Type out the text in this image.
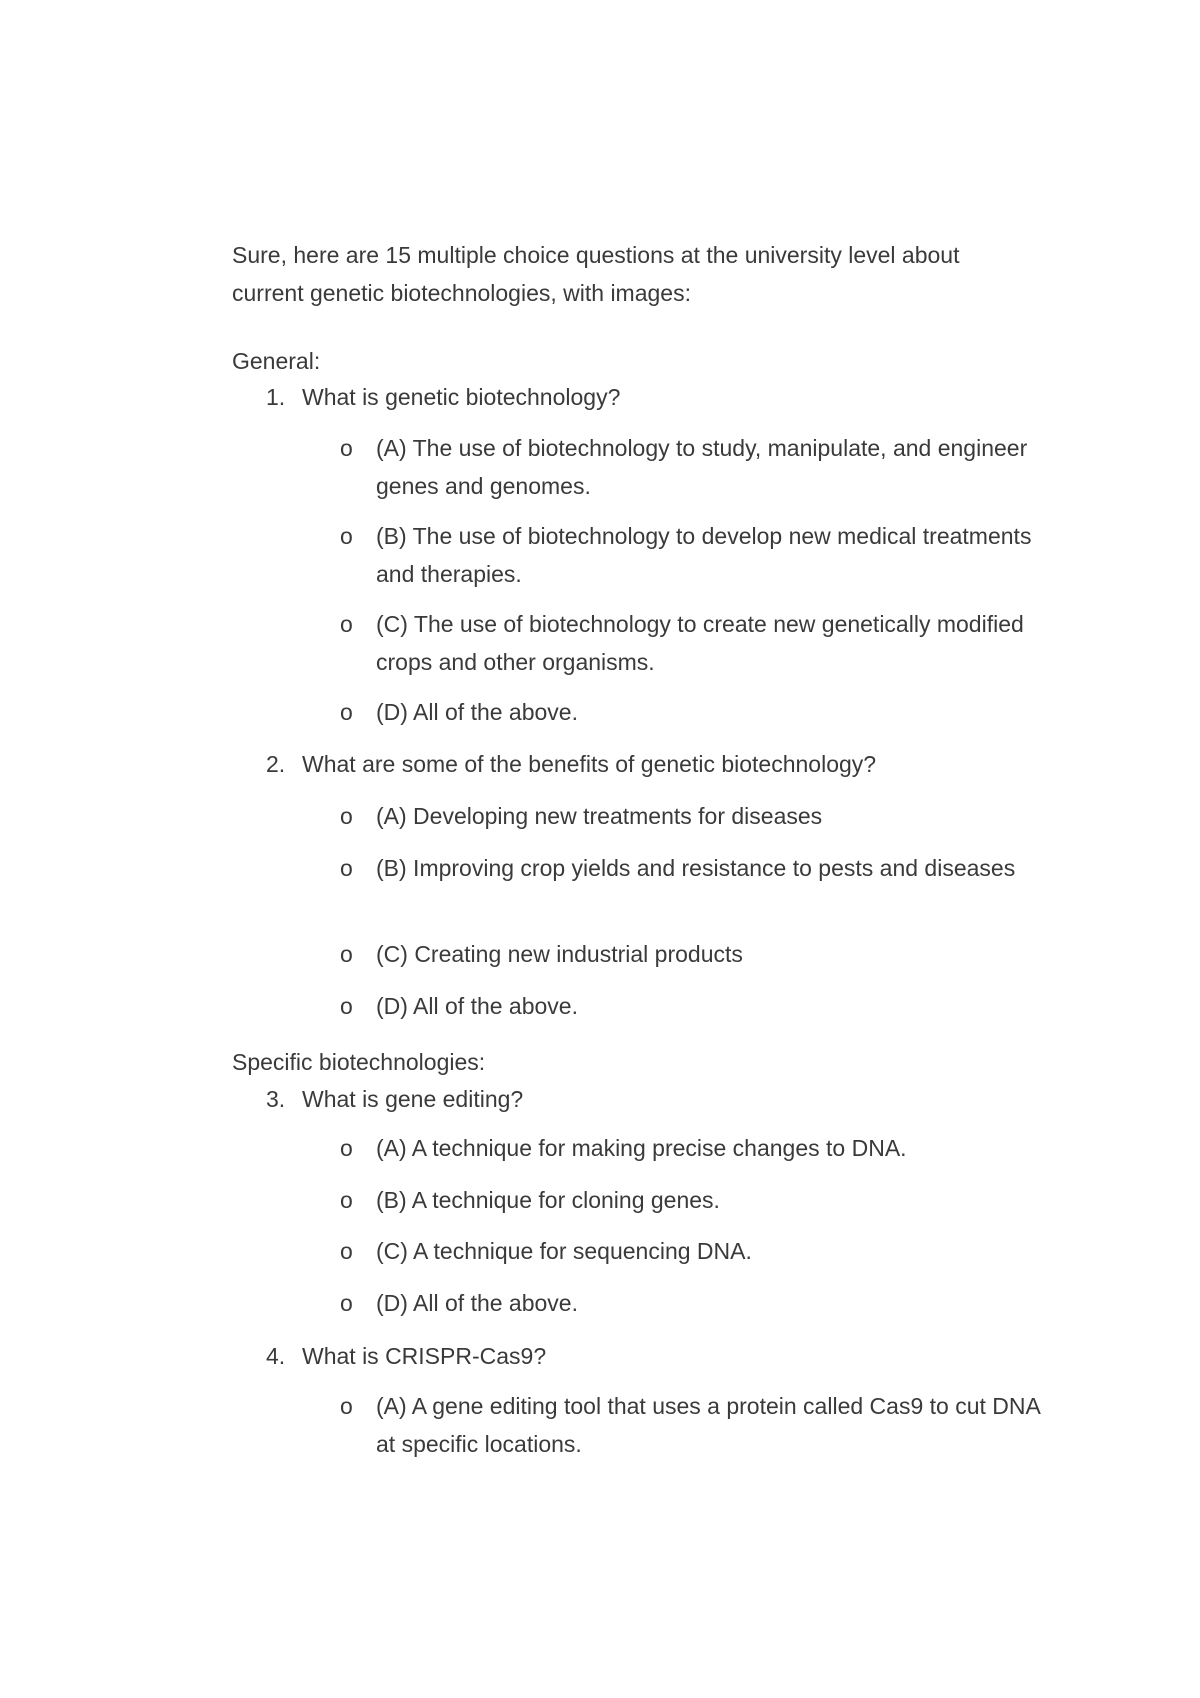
Sure, here are 15 multiple choice questions at the university level about current genetic biotechnologies, with images:

General:

1. What is genetic biotechnology?

o (A) The use of biotechnology to study, manipulate, and engineer genes and genomes.
o (B) The use of biotechnology to develop new medical treatments and therapies.
o (C) The use of biotechnology to create new genetically modified crops and other organisms.
o (D) All of the above.

2. What are some of the benefits of genetic biotechnology?

o (A) Developing new treatments for diseases
o (B) Improving crop yields and resistance to pests and diseases
o (C) Creating new industrial products
o (D) All of the above.

Specific biotechnologies:

3. What is gene editing?

o (A) A technique for making precise changes to DNA.
o (B) A technique for cloning genes.
o (C) A technique for sequencing DNA.
o (D) All of the above.

4. What is CRISPR-Cas9?

o (A) A gene editing tool that uses a protein called Cas9 to cut DNA at specific locations.
